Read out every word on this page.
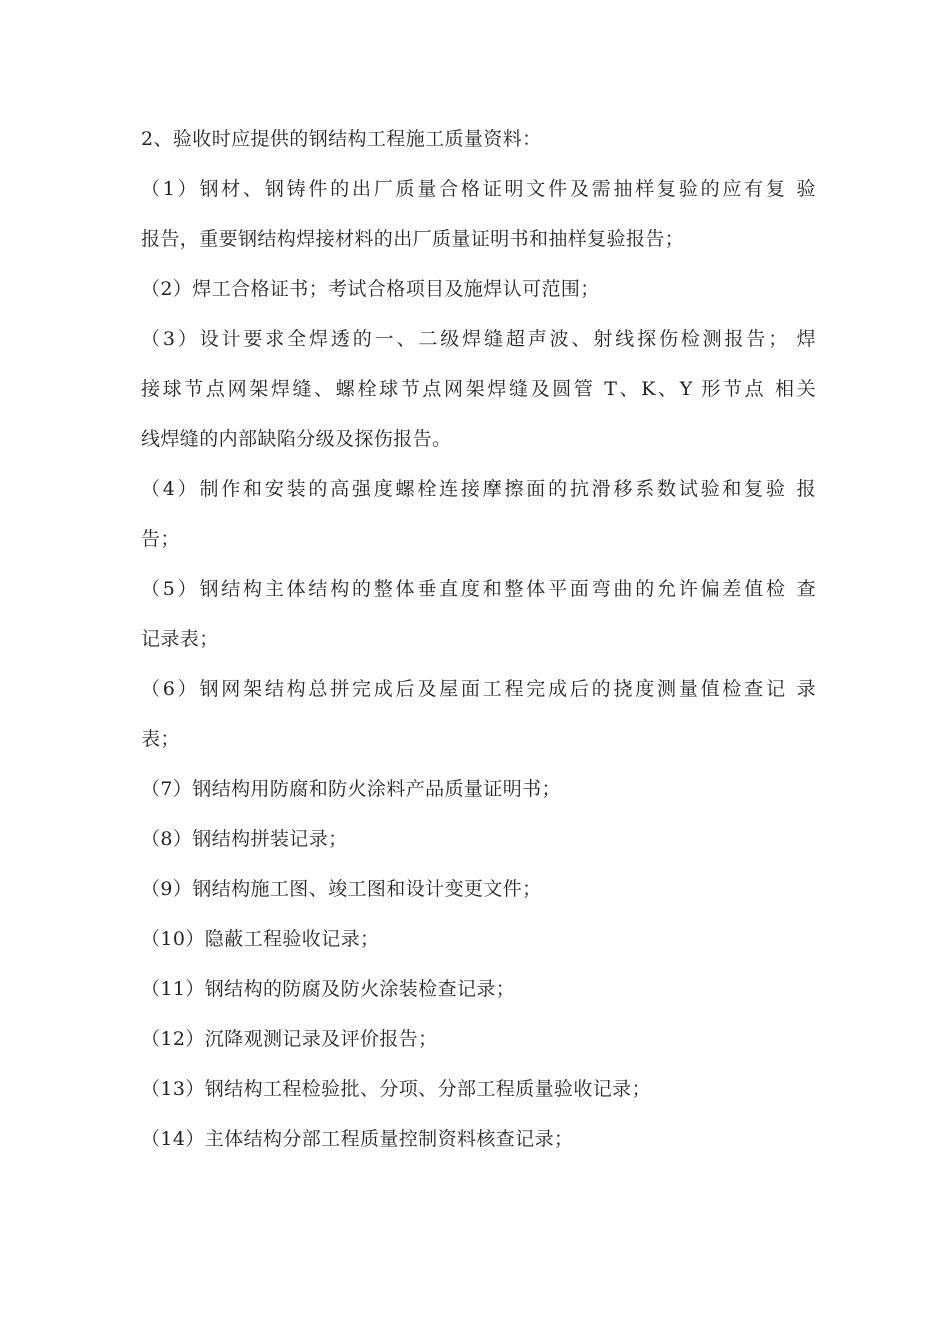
2、验收时应提供的钢结构工程施工质量资料：
（1）钢材、钢铸件的出厂质量合格证明文件及需抽样复验的应有复 验
报告，重要钢结构焊接材料的出厂质量证明书和抽样复验报告；
（2）焊工合格证书；考试合格项目及施焊认可范围；
（3）设计要求全焊透的一、二级焊缝超声波、射线探伤检测报告； 焊
接球节点网架焊缝、螺栓球节点网架焊缝及圆管 T、K、Y 形节点 相关
线焊缝的内部缺陷分级及探伤报告。
（4）制作和安装的高强度螺栓连接摩擦面的抗滑移系数试验和复验 报
告；
（5）钢结构主体结构的整体垂直度和整体平面弯曲的允许偏差值检 查
记录表；
（6）钢网架结构总拼完成后及屋面工程完成后的挠度测量值检查记 录
表；
（7）钢结构用防腐和防火涂料产品质量证明书；
（8）钢结构拼装记录；
（9）钢结构施工图、竣工图和设计变更文件；
（10）隐蔽工程验收记录；
（11）钢结构的防腐及防火涂装检查记录；
（12）沉降观测记录及评价报告；
（13）钢结构工程检验批、分项、分部工程质量验收记录；
（14）主体结构分部工程质量控制资料核查记录；
